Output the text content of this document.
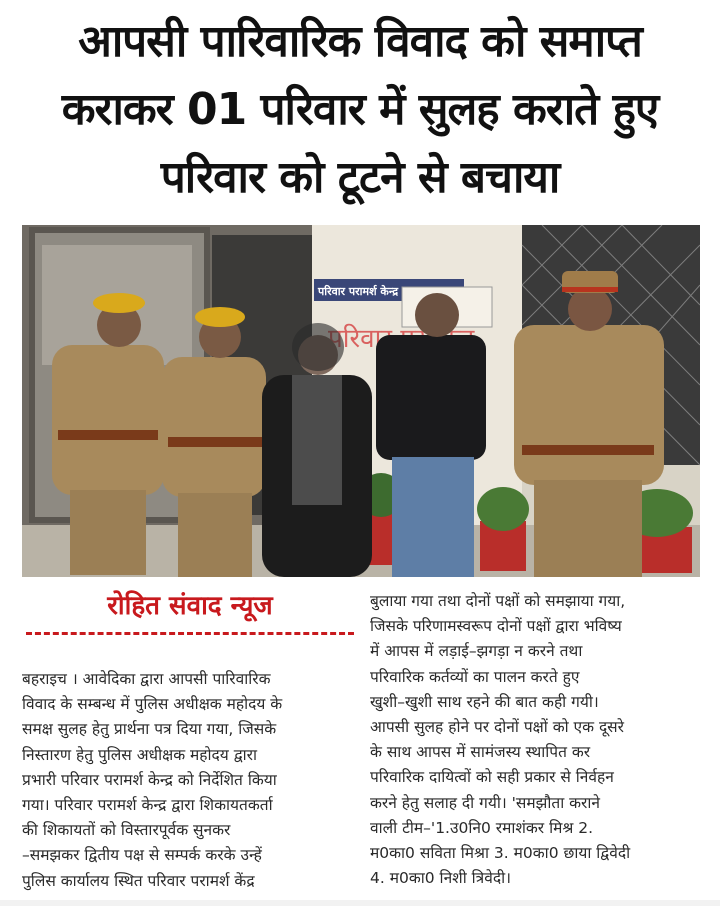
आपसी पारिवारिक विवाद को समाप्त
कराकर 01 परिवार में सुलह कराते हुए
परिवार को टूटने से बचाया
परिवार परामर्श केन्द्र
परिवार
रोहित संवाद न्यूज
बहराइच । आवेदिका द्वारा आपसी पारिवारिक
विवाद के सम्बन्ध में पुलिस अधीक्षक महोदय के
समक्ष सुलह हेतु प्रार्थना पत्र दिया गया, जिसके
निस्तारण हेतु पुलिस अधीक्षक महोदय द्वारा
प्रभारी परिवार परामर्श केन्द्र को निर्देशित किया
गया। परिवार परामर्श केन्द्र द्वारा शिकायतकर्ता
की शिकायतों को विस्तारपूर्वक सुनकर
–समझकर द्वितीय पक्ष से सम्पर्क करके उन्हें
पुलिस कार्यालय स्थित परिवार परामर्श केंद्र
बुलाया गया तथा दोनों पक्षों को समझाया गया,
जिसके परिणामस्वरूप दोनों पक्षों द्वारा भविष्य
में आपस में लड़ाई–झगड़ा न करने तथा
परिवारिक कर्तव्यों का पालन करते हुए
खुशी–खुशी साथ रहने की बात कही गयी।
आपसी सुलह होने पर दोनों पक्षों को एक दूसरे
के साथ आपस में सामंजस्य स्थापित कर
परिवारिक दायित्वों को सही प्रकार से निर्वहन
करने हेतु सलाह दी गयी। 'समझौता कराने
वाली टीम–'1.उ0नि0 रमाशंकर मिश्र 2.
म0का0 सविता मिश्रा 3. म0का0 छाया द्विवेदी
4. म0का0 निशी त्रिवेदी।
